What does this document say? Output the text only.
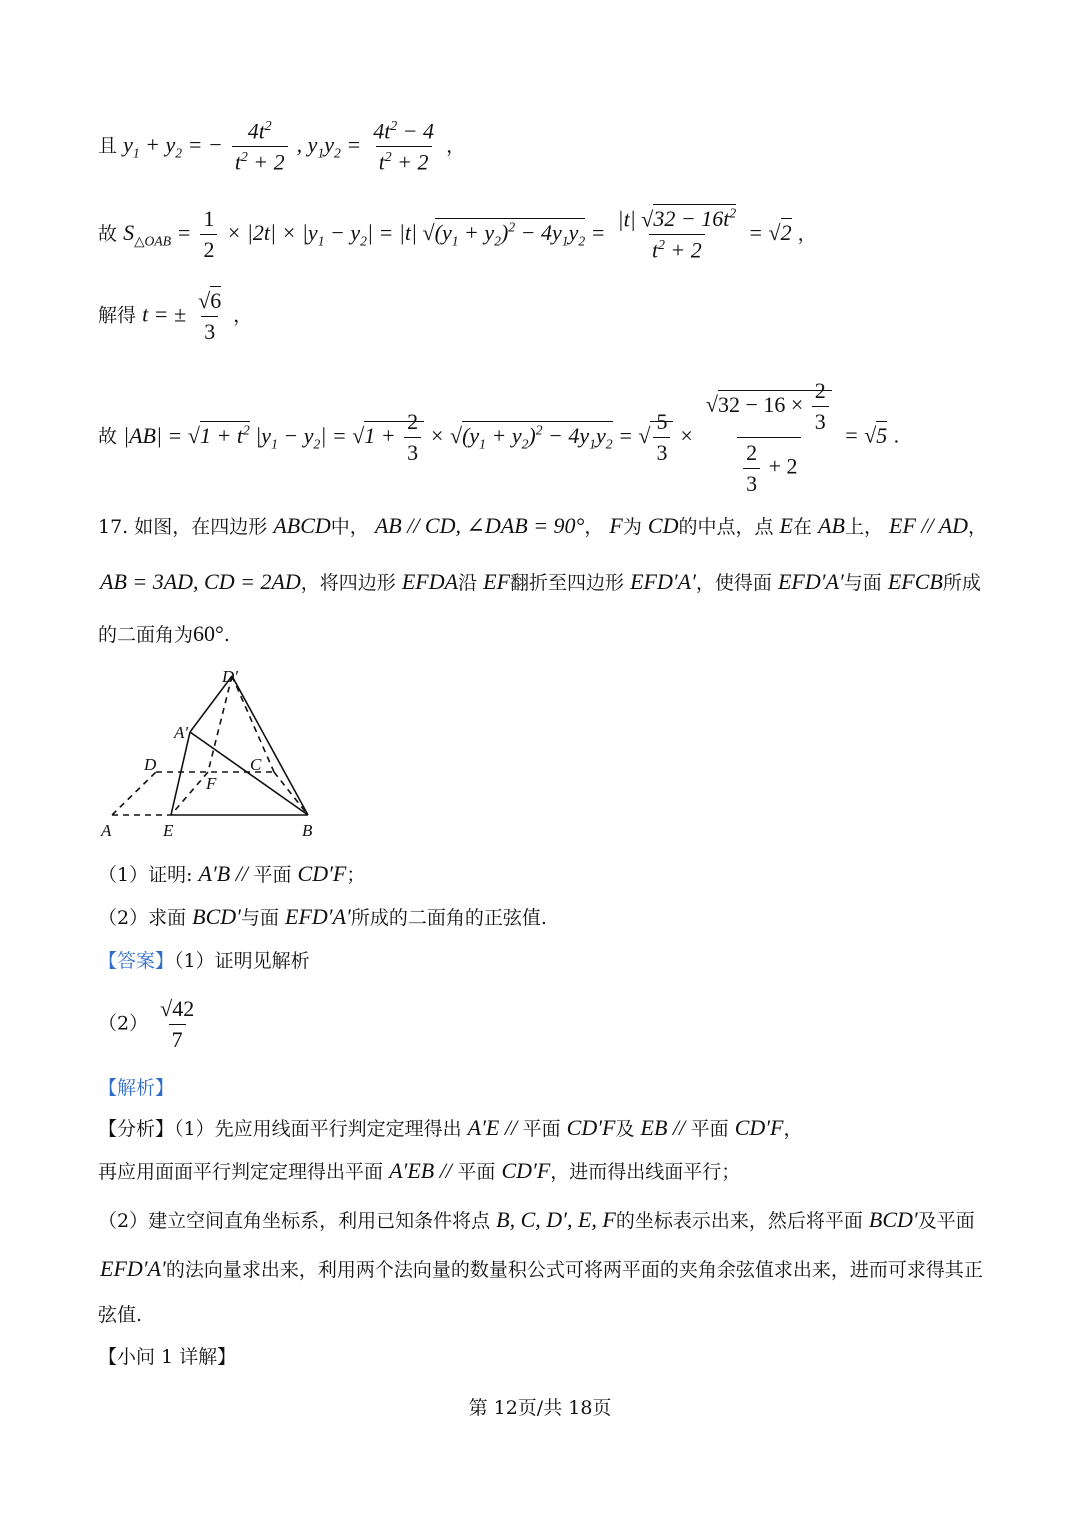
且 $y_1 + y_2$ = − $\frac{4t^2}{t^2 + 2}$ , $y_1y_2 = \frac{4t^2 - 4}{t^2 + 2}$ ，
故 $S_{\triangle OAB} = \frac{1}{2} \times |2t| \times |y_1 - y_2| = |t|$ $√(y_1 + y_2)^2 - 4y_1y_2 = \frac{|t| √32 - 16t^2}{t^2 + 2} = √2$ ，
解得 t = ± $\frac{√6}{3}$ ，
故 $|AB| = √1 + t^2$ $|y_1 - y_2| = √1 + \frac{2}{3} \times √(y_1 + y_2)^2 - 4y_1y_2$ = √ $\frac{5}{3} \times \frac{√32 - 16 \times \frac{2}{3}}{\frac{2}{3} + 2} = √5$ .
17. 如图，在四边形 ABCD中， AB // CD, ∠DAB = 90°， F为 CD的中点，点 E在 AB上， EF // AD，
AB = 3AD, CD = 2AD，将四边形 EFDA沿 EF翻折至四边形 EFD′A′，使得面 EFD′A′与面 EFCB所成
的二面角为60°.
A	E	B
D	C
F
A′
D′
（1）证明: A′B // 平面 CD′F；
（2）求面 BCD′与面 EFD′A′所成的二面角的正弦值.
【答案】（1）证明见解析
$(2) \frac{√42}{7}$
【解析】
【分析】（1）先应用线面平行判定定理得出 A′E // 平面 CD′F及 EB // 平面 CD′F，
再应用面面平行判定定理得出平面 A′EB // 平面 CD′F，进而得出线面平行；
（2）建立空间直角坐标系，利用已知条件将点 B, C, D′, E, F的坐标表示出来，然后将平面 BCD′及平面
EFD′A′的法向量求出来，利用两个法向量的数量积公式可将两平面的夹角余弦值求出来，进而可求得其正
弦值.
【小问 1 详解】
第 12页/共 18页
